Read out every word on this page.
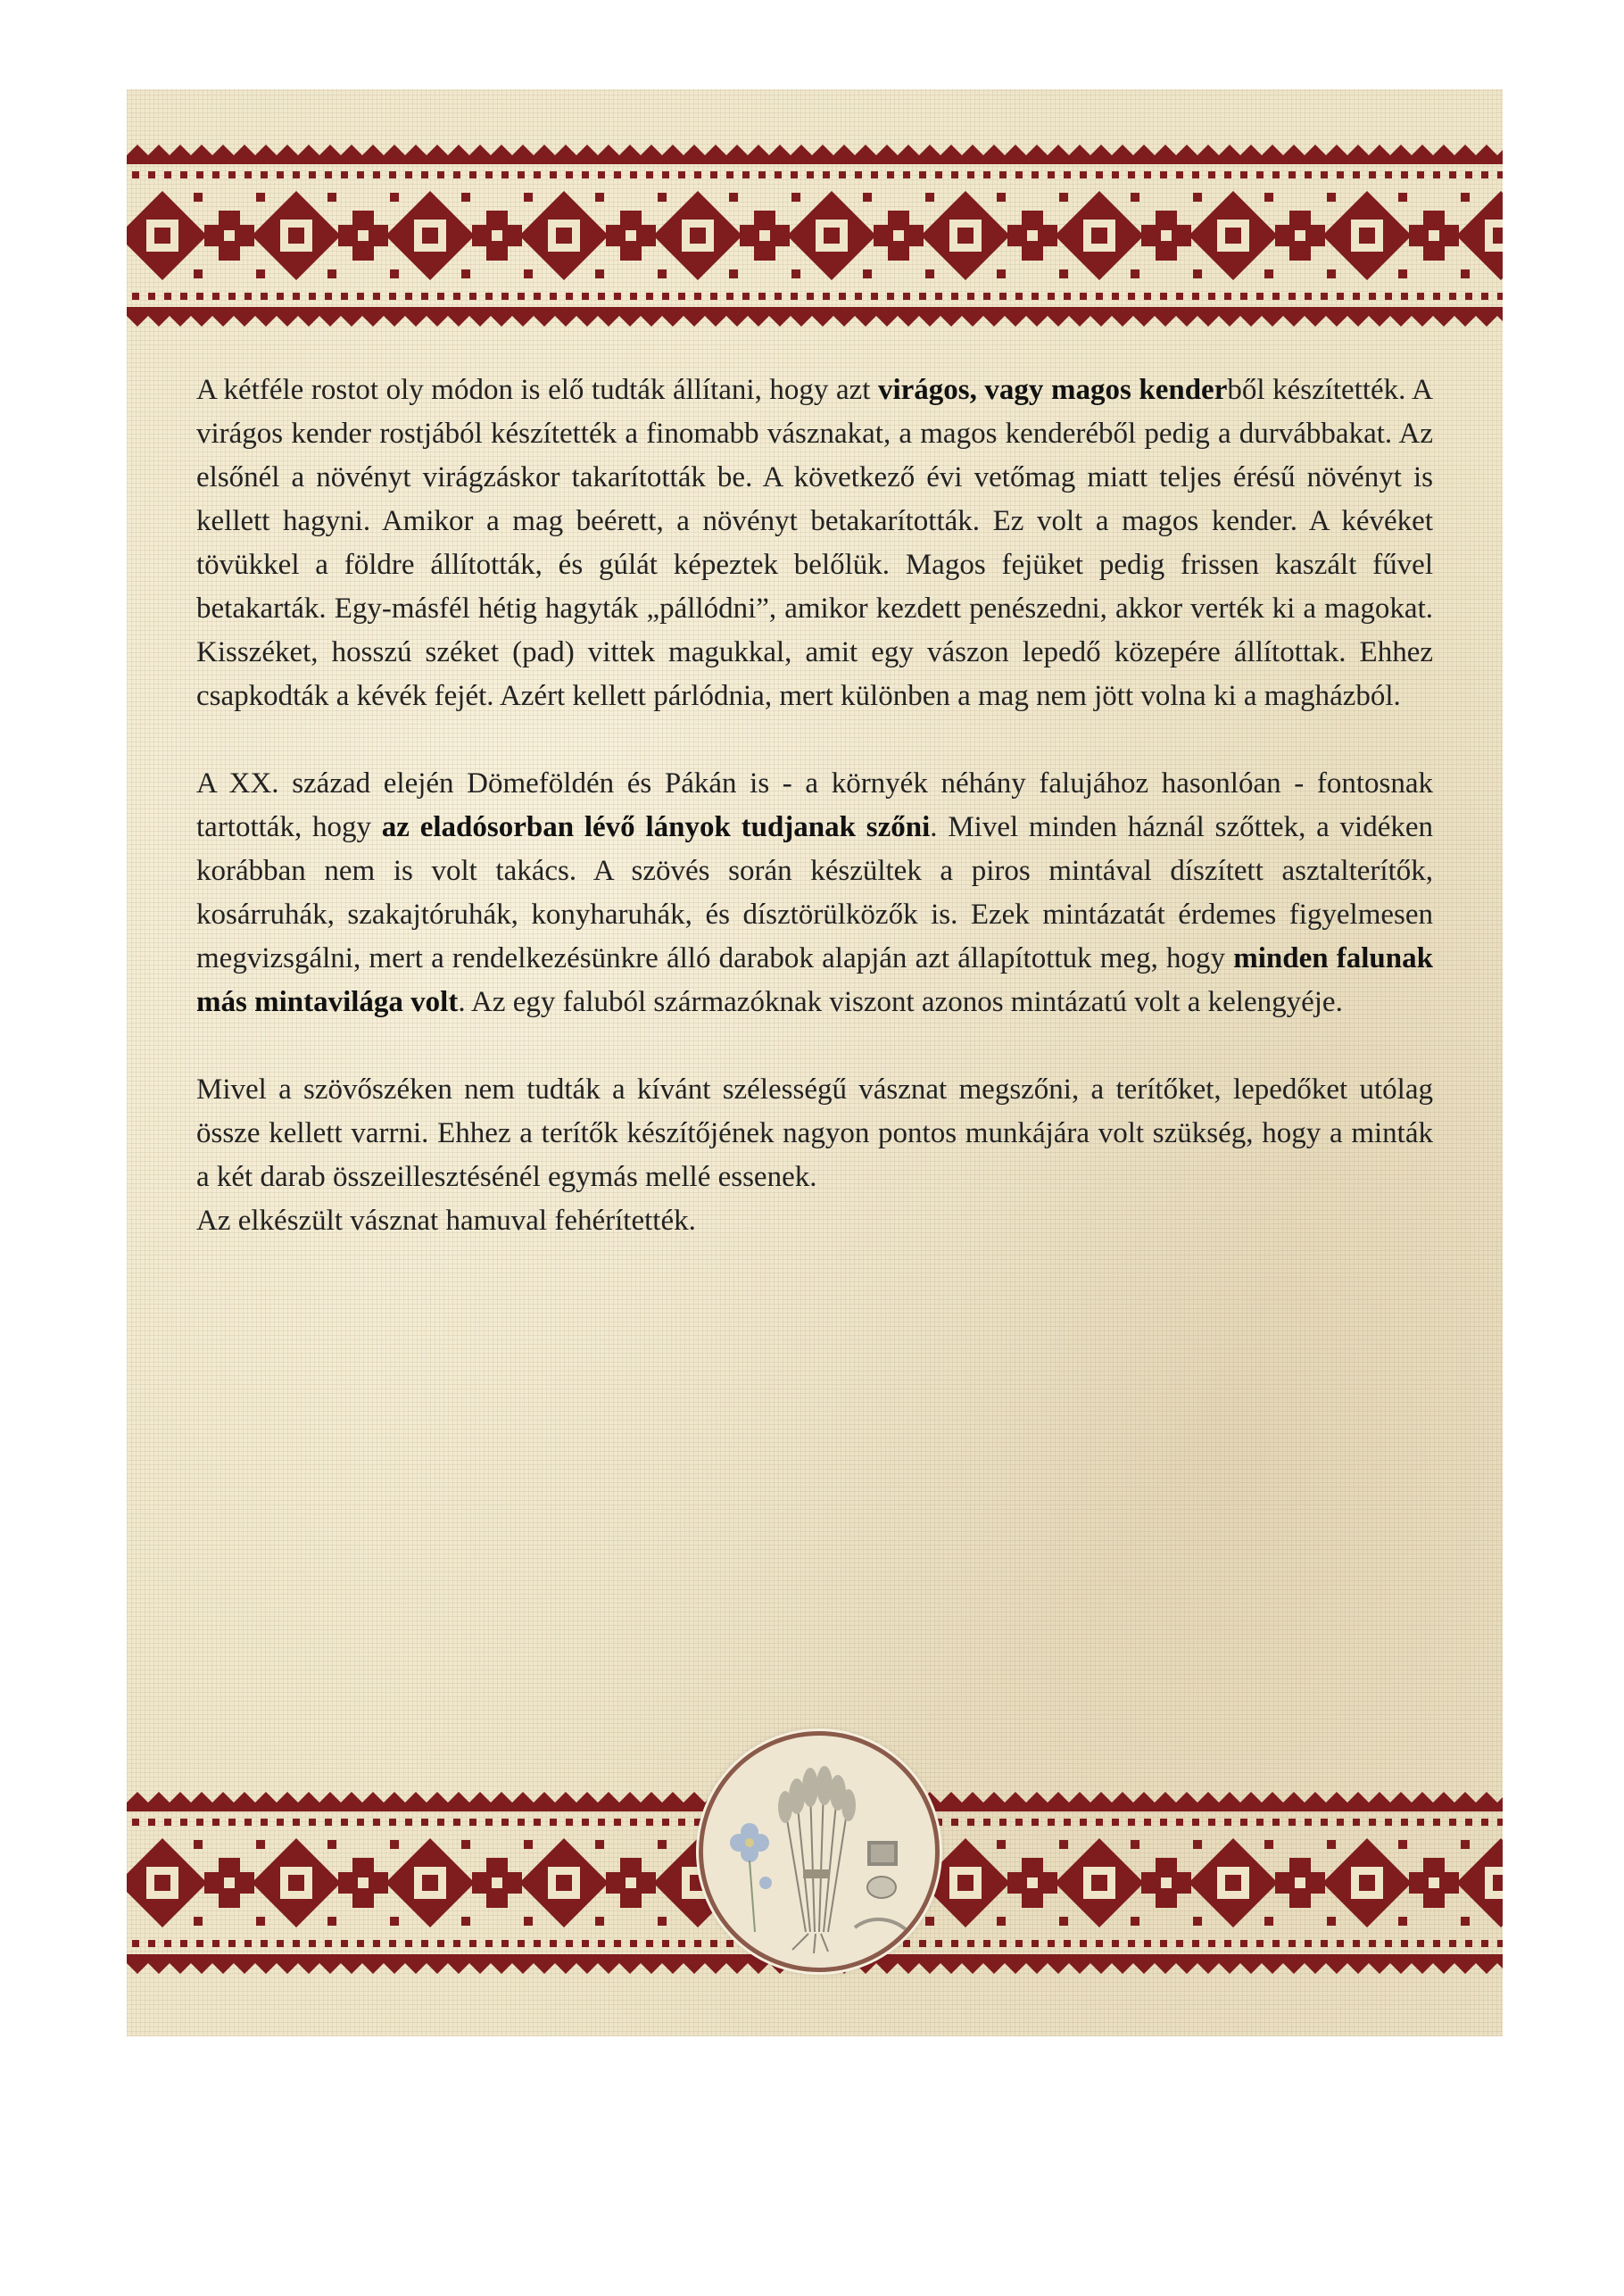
A kétféle rostot oly módon is elő tudták állítani, hogy azt virágos, vagy magos kenderből készítették. A virágos kender rostjából készítették a finomabb vásznakat, a magos kenderéből pedig a durvábbakat. Az elsőnél a növényt virágzáskor takarították be. A következő évi vetőmag miatt teljes érésű növényt is kellett hagyni. Amikor a mag beérett, a növényt betakarították. Ez volt a magos kender. A kévéket tövükkel a földre állították, és gúlát képeztek belőlük. Magos fejüket pedig frissen kaszált fűvel betakarták. Egy-másfél hétig hagyták „pállódni”, amikor kezdett penészedni, akkor verték ki a magokat. Kisszéket, hosszú széket (pad) vittek magukkal, amit egy vászon lepedő közepére állítottak. Ehhez csapkodták a kévék fejét. Azért kellett párlódnia, mert különben a mag nem jött volna ki a magházból.

A XX. század elején Dömeföldén és Pákán is - a környék néhány falujához hasonlóan - fontosnak tartották, hogy az eladósorban lévő lányok tudjanak szőni. Mivel minden háznál szőttek, a vidéken korábban nem is volt takács. A szövés során készültek a piros mintával díszített asztalterítők, kosárruhák, szakajtóruhák, konyharuhák, és dísztörülközők is. Ezek mintázatát érdemes figyelmesen megvizsgálni, mert a rendelkezésünkre álló darabok alapján azt állapítottuk meg, hogy minden falunak más mintavilága volt. Az egy faluból származóknak viszont azonos mintázatú volt a kelengyéje.

Mivel a szövőszéken nem tudták a kívánt szélességű vásznat megszőni, a terítőket, lepedőket utólag össze kellett varrni. Ehhez a terítők készítőjének nagyon pontos munkájára volt szükség, hogy a minták a két darab összeillesztésénél egymás mellé essenek.
Az elkészült vásznat hamuval fehérítették.
